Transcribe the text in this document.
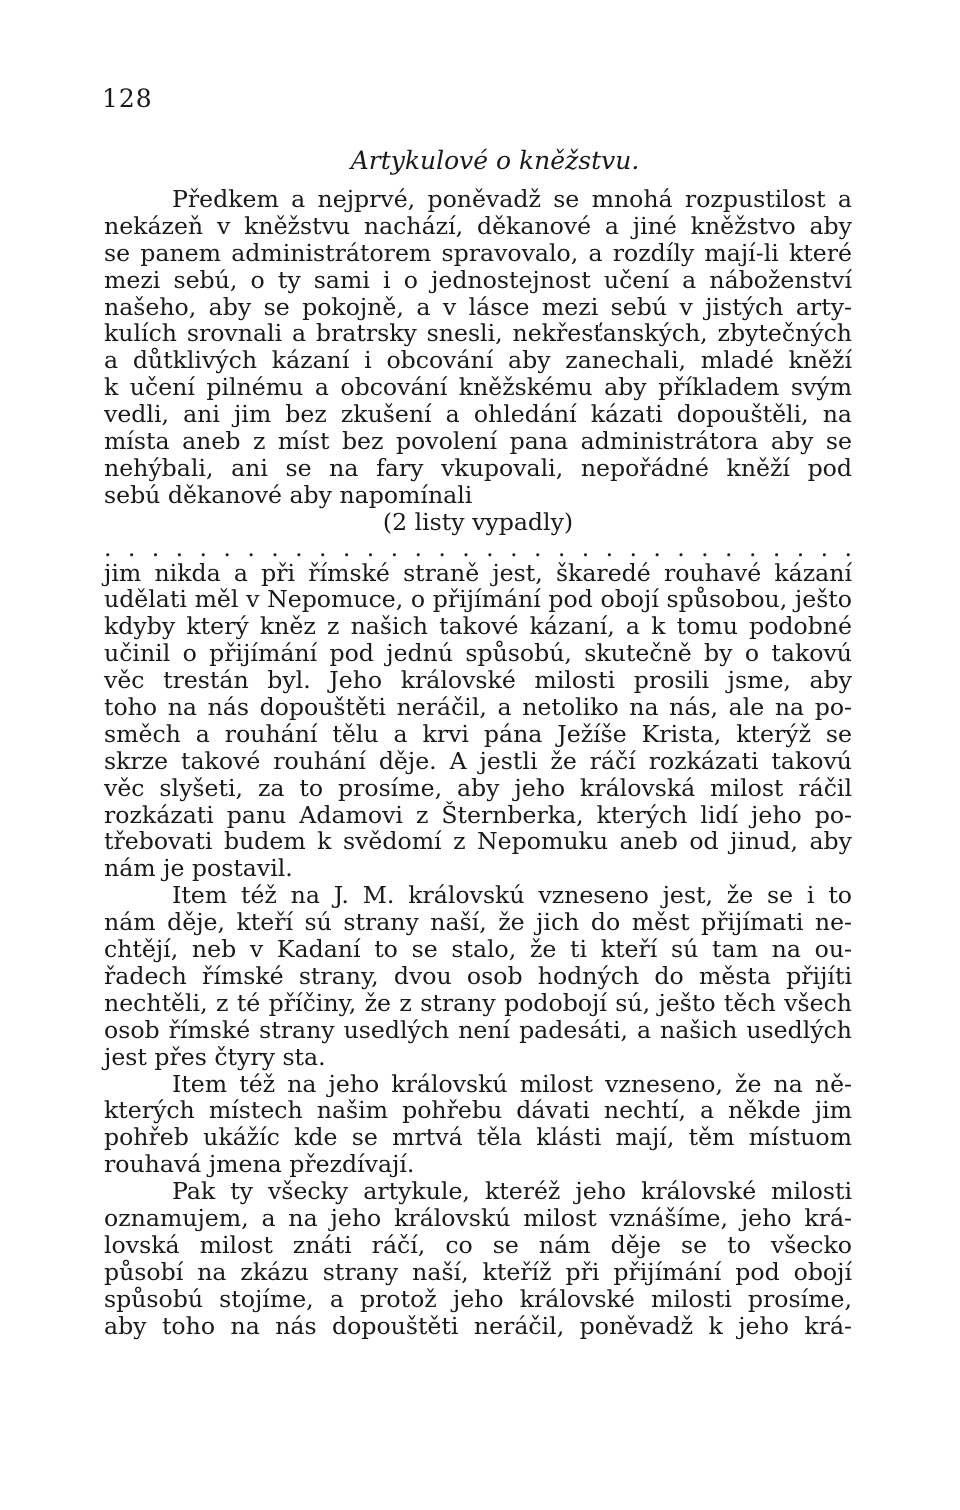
128
Artykulové o kněžstvu.
Předkem a nejprvé, poněvadž se mnohá rozpustilost a
nekázeň v kněžstvu nachází, děkanové a jiné kněžstvo aby
se panem administrátorem spravovalo, a rozdíly mají-li které
mezi sebú, o ty sami i o jednostejnost učení a náboženství
našeho, aby se pokojně, a v lásce mezi sebú v jistých arty-
kulích srovnali a bratrsky snesli, nekřesťanských, zbytečných
a důtklivých kázaní i obcování aby zanechali, mladé kněží
k učení pilnému a obcování kněžskému aby příkladem svým
vedli, ani jim bez zkušení a ohledání kázati dopouštěli, na
místa aneb z míst bez povolení pana administrátora aby se
nehýbali, ani se na fary vkupovali, nepořádné kněží pod
sebú děkanové aby napomínali
(2 listy vypadly)
. . . . . . . . . . . . . . . . . . . . . . . . . . . . . . . .
jim nikda a při římské straně jest, škaredé rouhavé kázaní
udělati měl v Nepomuce, o přijímání pod obojí spůsobou, ješto
kdyby který kněz z našich takové kázaní, a k tomu podobné
učinil o přijímání pod jednú spůsobú, skutečně by o takovú
věc trestán byl. Jeho královské milosti prosili jsme, aby
toho na nás dopouštěti neráčil, a netoliko na nás, ale na po-
směch a rouhání tělu a krvi pána Ježíše Krista, kterýž se
skrze takové rouhání děje. A jestli že ráčí rozkázati takovú
věc slyšeti, za to prosíme, aby jeho královská milost ráčil
rozkázati panu Adamovi z Šternberka, kterých lidí jeho po-
třebovati budem k svědomí z Nepomuku aneb od jinud, aby
nám je postavil.
Item též na J. M. královskú vzneseno jest, že se i to
nám děje, kteří sú strany naší, že jich do měst přijímati ne-
chtějí, neb v Kadaní to se stalo, že ti kteří sú tam na ou-
řadech římské strany, dvou osob hodných do města přijíti
nechtěli, z té příčiny, že z strany podobojí sú, ješto těch všech
osob římské strany usedlých není padesáti, a našich usedlých
jest přes čtyry sta.
Item též na jeho královskú milost vzneseno, že na ně-
kterých místech našim pohřebu dávati nechtí, a někde jim
pohřeb ukážíc kde se mrtvá těla klásti mají, těm místuom
rouhavá jmena přezdívají.
Pak ty všecky artykule, kteréž jeho královské milosti
oznamujem, a na jeho královskú milost vznášíme, jeho krá-
lovská milost znáti ráčí, co se nám děje se to všecko
působí na zkázu strany naší, kteříž při přijímání pod obojí
spůsobú stojíme, a protož jeho královské milosti prosíme,
aby toho na nás dopouštěti neráčil, poněvadž k jeho krá-
